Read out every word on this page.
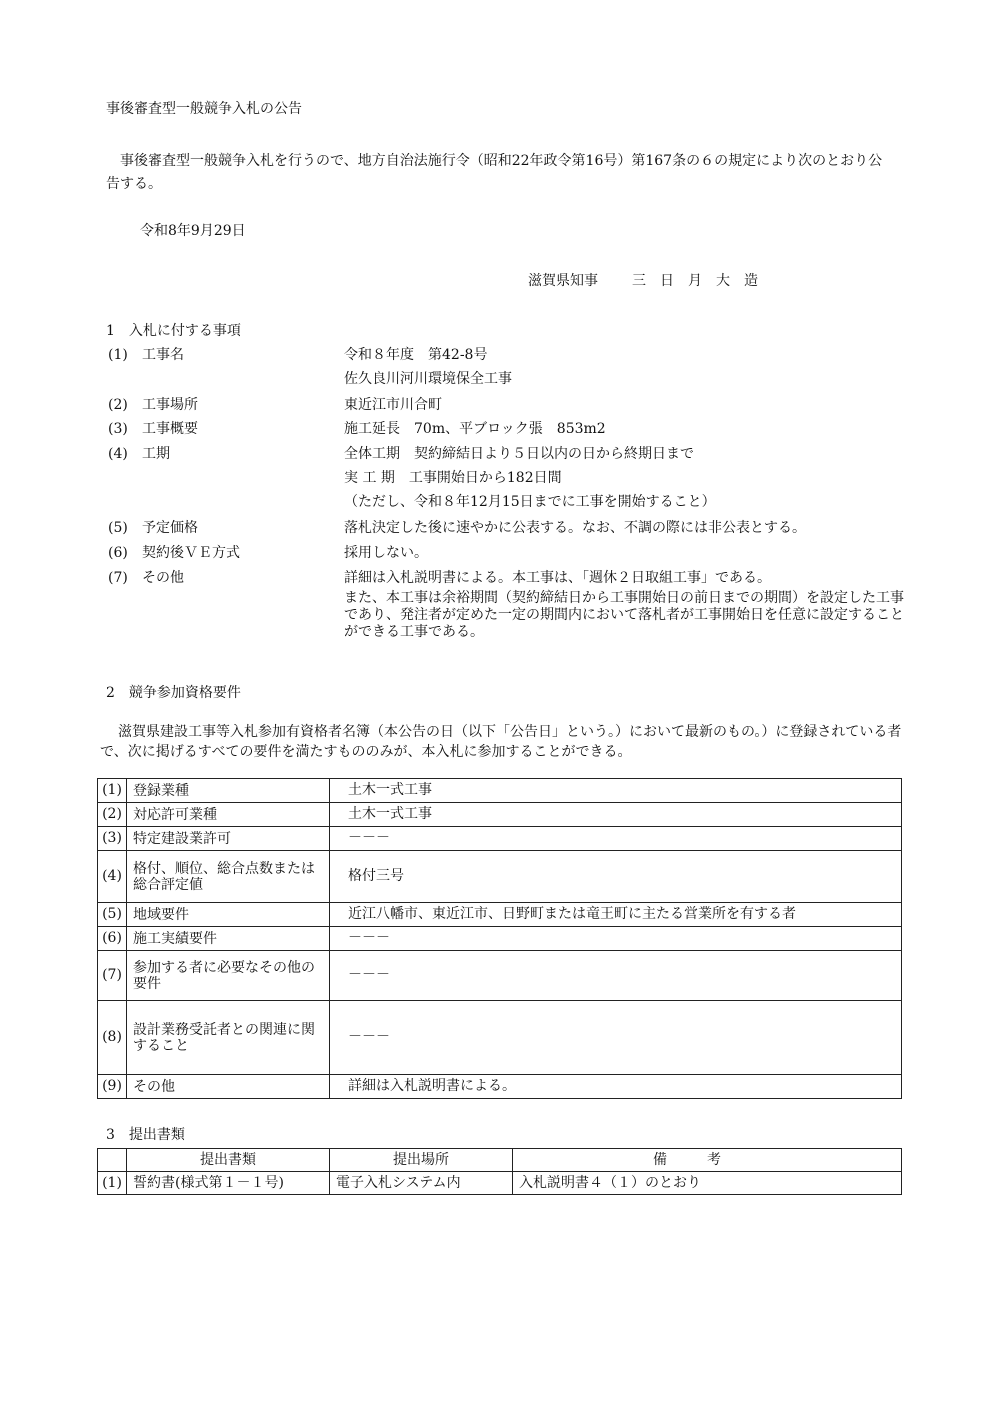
事後審査型一般競争入札の公告
事後審査型一般競争入札を行うので、地方自治法施行令（昭和22年政令第16号）第167条の６の規定により次のとおり公告する。
令和8年9月29日
滋賀県知事 三日月大造
1　入札に付する事項
(1) 工事名	令和８年度　第42-8号
佐久良川河川環境保全工事
(2) 工事場所	東近江市川合町
(3) 工事概要	施工延長　70m、平ブロック張　853m2
(4) 工期	全体工期　契約締結日より５日以内の日から終期日まで
実 工 期　工事開始日から182日間
（ただし、令和８年12月15日までに工事を開始すること）
(5) 予定価格	落札決定した後に速やかに公表する。なお、不調の際には非公表とする。
(6) 契約後ＶＥ方式	採用しない。
(7) その他	詳細は入札説明書による。本工事は、「週休２日取組工事」である。
また、本工事は余裕期間（契約締結日から工事開始日の前日までの期間）を設定した工事であり、発注者が定めた一定の期間内において落札者が工事開始日を任意に設定することができる工事である。
2　競争参加資格要件
滋賀県建設工事等入札参加有資格者名簿（本公告の日（以下「公告日」という。）において最新のもの。）に登録されている者で、次に掲げるすべての要件を満たすもののみが、本入札に参加することができる。
(1)	登録業種	土木一式工事
(2)	対応許可業種	土木一式工事
(3)	特定建設業許可	－－－
(4)	格付、順位、総合点数または総合評定値	格付三号
(5)	地域要件	近江八幡市、東近江市、日野町または竜王町に主たる営業所を有する者
(6)	施工実績要件	－－－
(7)	参加する者に必要なその他の要件	－－－
(8)	設計業務受託者との関連に関すること	－－－
(9)	その他	詳細は入札説明書による。
3　提出書類
	提出書類	提出場所	備考
(1)	誓約書(様式第１－１号)	電子入札システム内	入札説明書４（１）のとおり
